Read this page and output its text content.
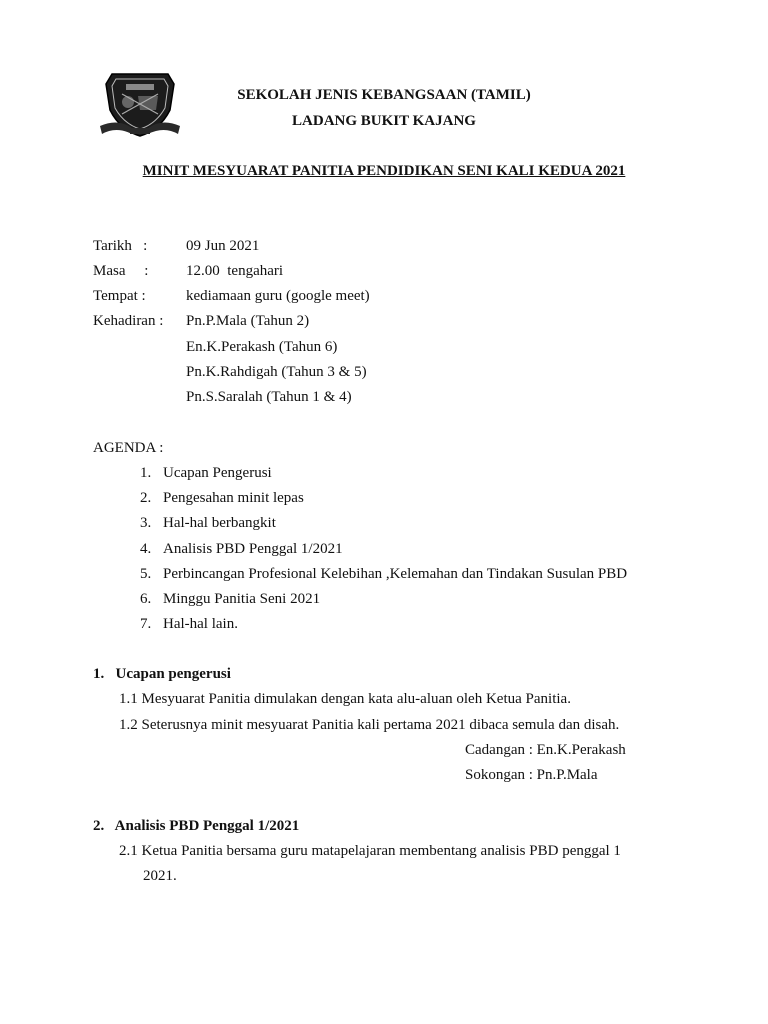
SEKOLAH JENIS KEBANGSAAN (TAMIL)
LADANG BUKIT KAJANG
MINIT MESYUARAT PANITIA PENDIDIKAN SENI KALI KEDUA 2021
Tarikh   :	09 Jun 2021
Masa     :	12.00  tengahari
Tempat :	kediamaan guru (google meet)
Kehadiran : Pn.P.Mala (Tahun 2)
En.K.Perakash (Tahun 6)
Pn.K.Rahdigah (Tahun 3 & 5)
Pn.S.Saralah (Tahun 1 & 4)
AGENDA :
1. Ucapan Pengerusi
2. Pengesahan minit lepas
3. Hal-hal berbangkit
4. Analisis PBD Penggal 1/2021
5. Perbincangan Profesional Kelebihan ,Kelemahan dan Tindakan Susulan PBD
6. Minggu Panitia Seni 2021
7. Hal-hal lain.
1.   Ucapan pengerusi
1.1 Mesyuarat Panitia dimulakan dengan kata alu-aluan oleh Ketua Panitia.
1.2 Seterusnya minit mesyuarat Panitia kali pertama 2021 dibaca semula dan disah.
Cadangan : En.K.Perakash
Sokongan : Pn.P.Mala
2.   Analisis PBD Penggal 1/2021
2.1 Ketua Panitia bersama guru matapelajaran membentang analisis PBD penggal 1
2021.
